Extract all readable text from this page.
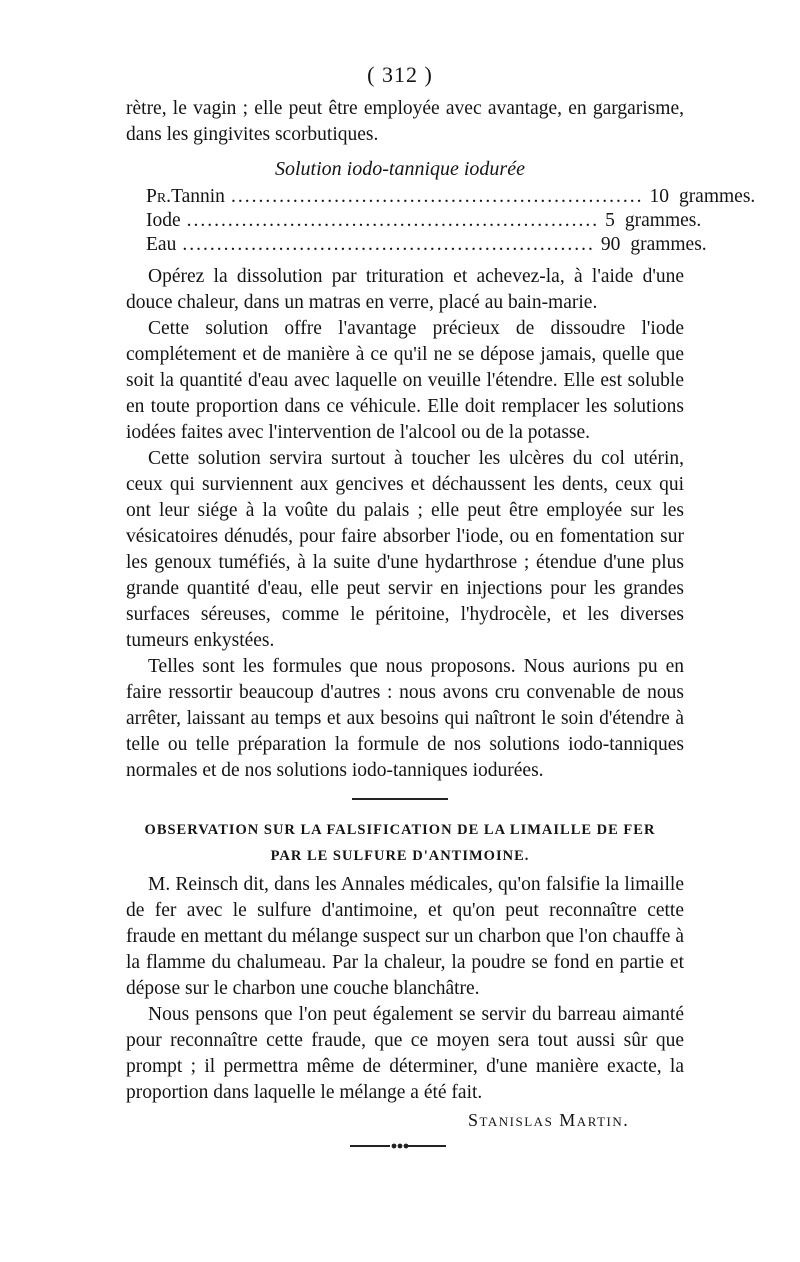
( 312 )

rètre, le vagin ; elle peut être employée avec avantage, en gargarisme, dans les gingivites scorbutiques.

Solution iodo-tannique iodurée
Pr. Tannin ............................................................ 10 grammes.
Iode ............................................................ 5 grammes.
Eau ............................................................ 90 grammes.

Opérez la dissolution par trituration et achevez-la, à l'aide d'une douce chaleur, dans un matras en verre, placé au bain-marie.

Cette solution offre l'avantage précieux de dissoudre l'iode complétement et de manière à ce qu'il ne se dépose jamais, quelle que soit la quantité d'eau avec laquelle on veuille l'étendre. Elle est soluble en toute proportion dans ce véhicule. Elle doit remplacer les solutions iodées faites avec l'intervention de l'alcool ou de la potasse.

Cette solution servira surtout à toucher les ulcères du col utérin, ceux qui surviennent aux gencives et déchaussent les dents, ceux qui ont leur siége à la voûte du palais ; elle peut être employée sur les vésicatoires dénudés, pour faire absorber l'iode, ou en fomentation sur les genoux tuméfiés, à la suite d'une hydarthrose ; étendue d'une plus grande quantité d'eau, elle peut servir en injections pour les grandes surfaces séreuses, comme le péritoine, l'hydrocèle, et les diverses tumeurs enkystées.

Telles sont les formules que nous proposons. Nous aurions pu en faire ressortir beaucoup d'autres : nous avons cru convenable de nous arrêter, laissant au temps et aux besoins qui naîtront le soin d'étendre à telle ou telle préparation la formule de nos solutions iodo-tanniques normales et de nos solutions iodo-tanniques iodurées.

OBSERVATION SUR LA FALSIFICATION DE LA LIMAILLE DE FER
PAR LE SULFURE D'ANTIMOINE.

M. Reinsch dit, dans les Annales médicales, qu'on falsifie la limaille de fer avec le sulfure d'antimoine, et qu'on peut reconnaître cette fraude en mettant du mélange suspect sur un charbon que l'on chauffe à la flamme du chalumeau. Par la chaleur, la poudre se fond en partie et dépose sur le charbon une couche blanchâtre.

Nous pensons que l'on peut également se servir du barreau aimanté pour reconnaître cette fraude, que ce moyen sera tout aussi sûr que prompt ; il permettra même de déterminer, d'une manière exacte, la proportion dans laquelle le mélange a été fait.

Stanislas Martin.
